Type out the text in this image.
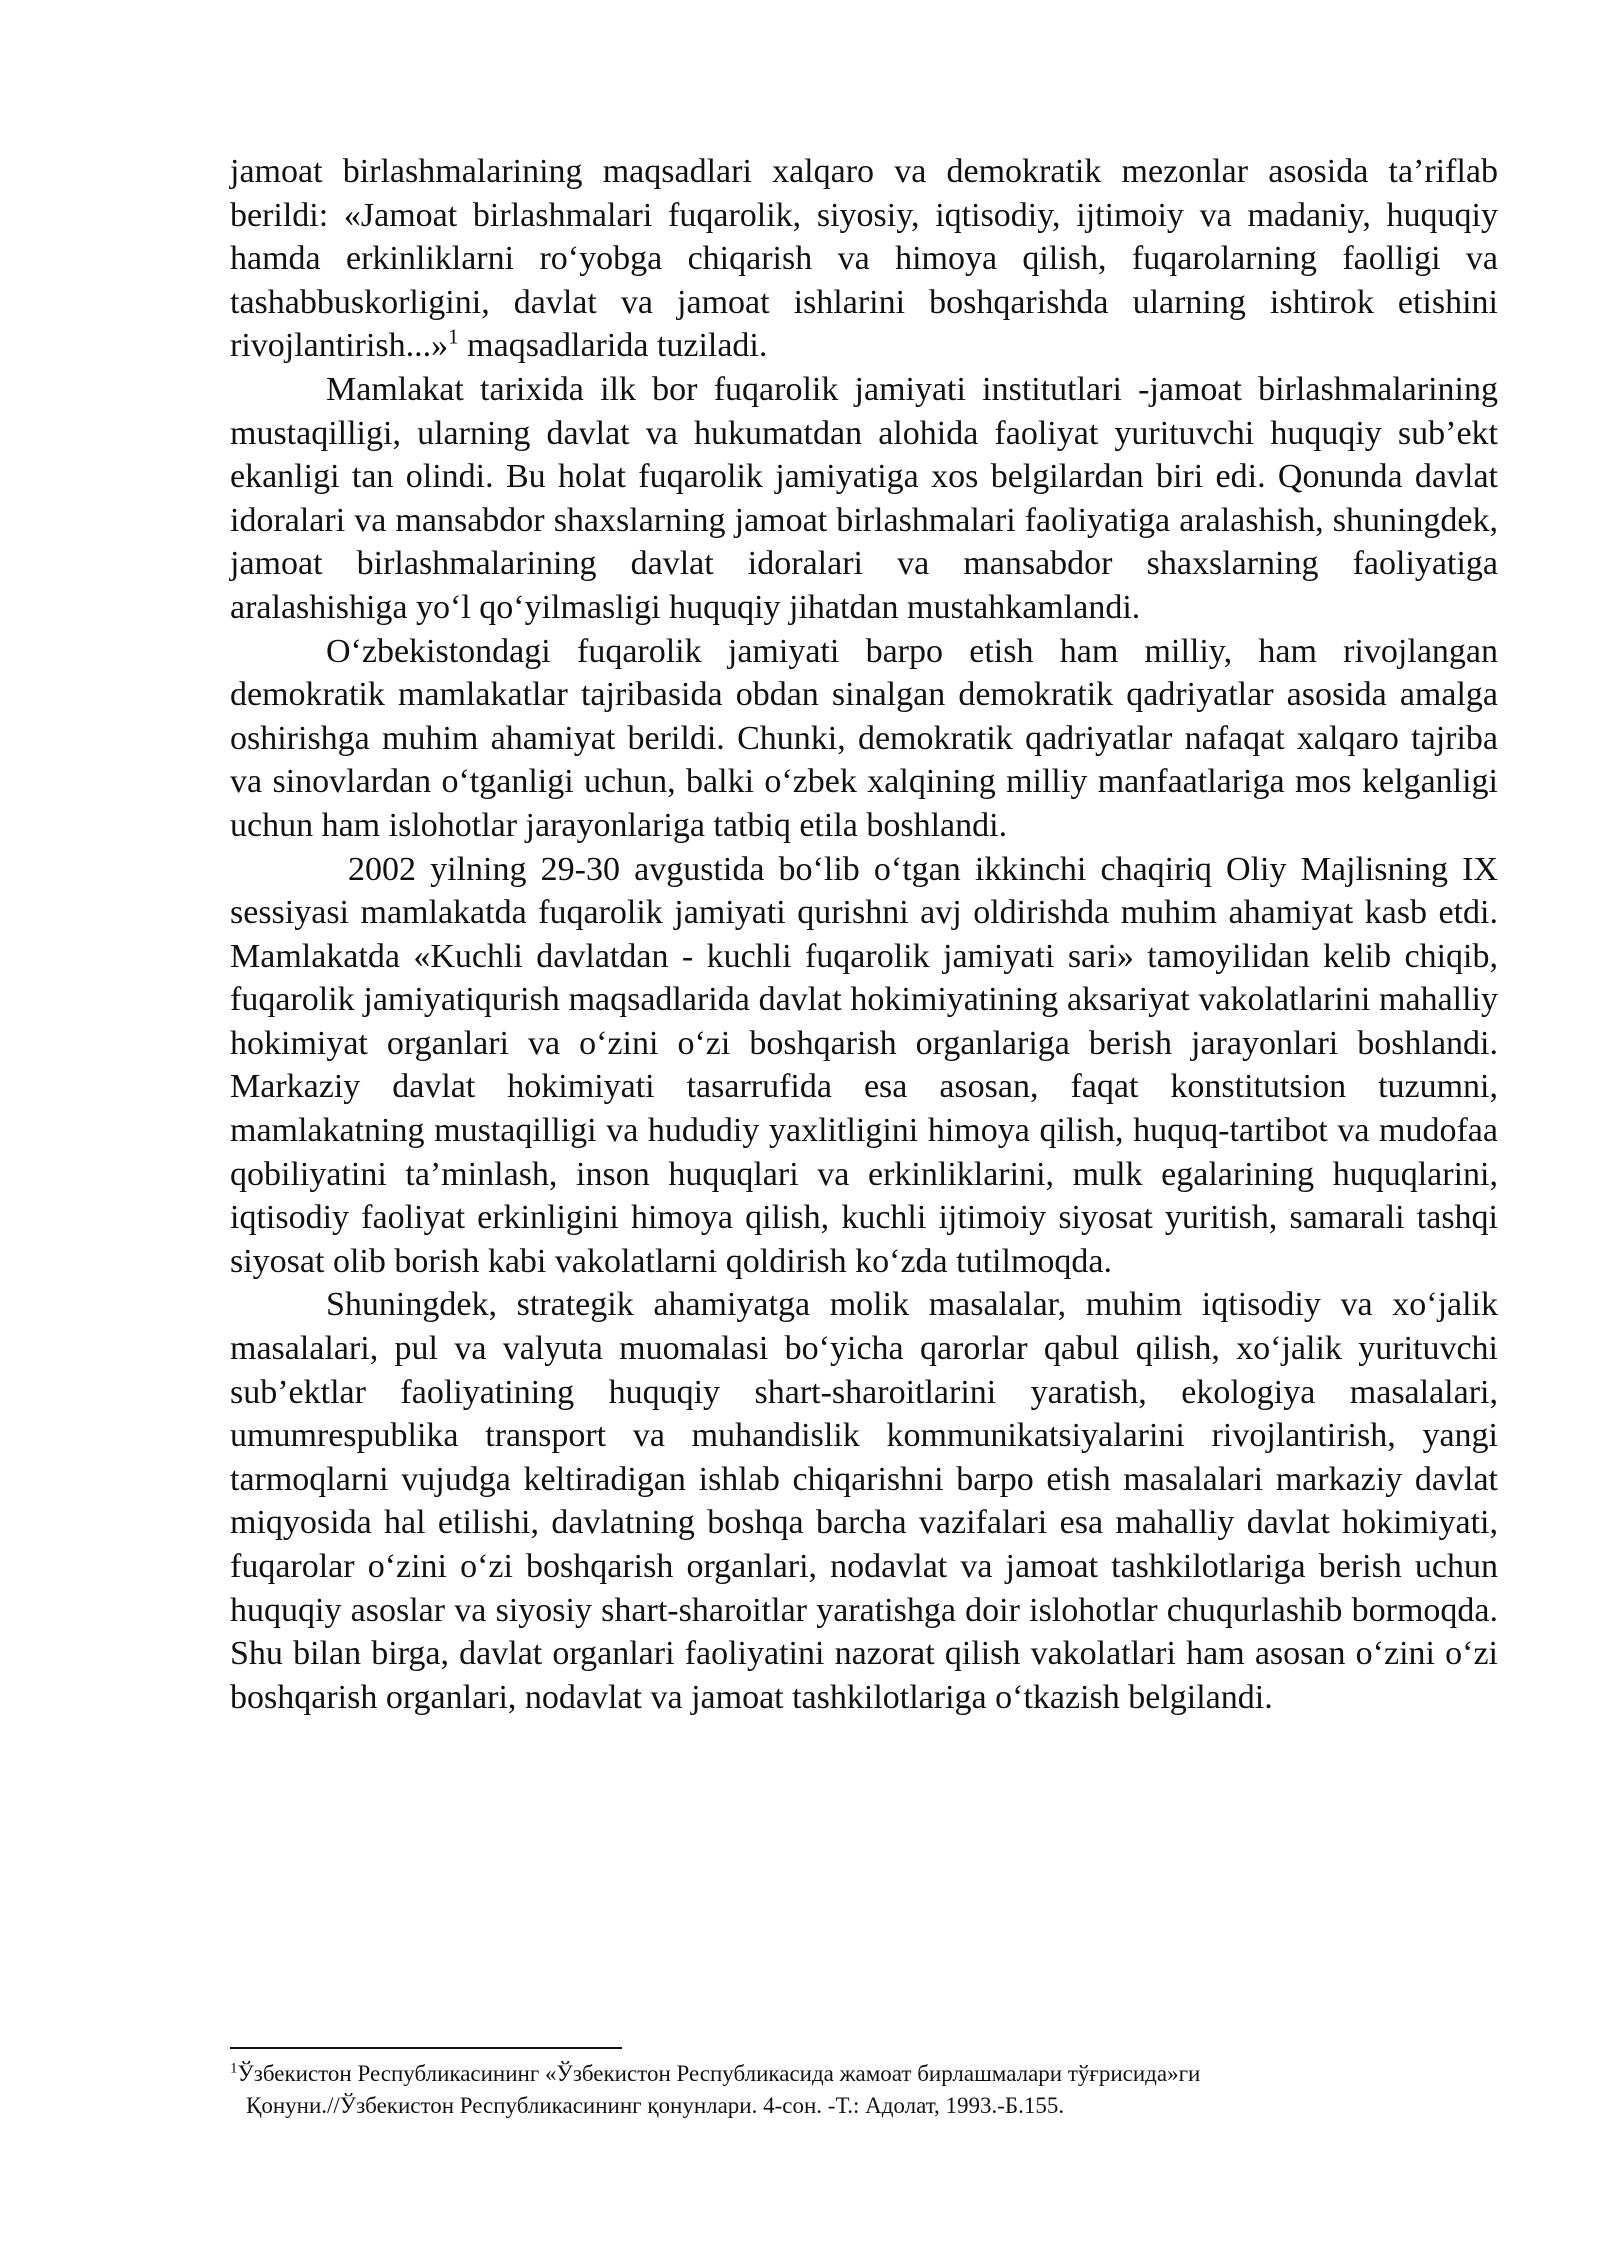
jamoat birlashmalarining maqsadlari xalqaro va demokratik mezonlar asosida ta’riflab berildi: «Jamoat birlashmalari fuqarolik, siyosiy, iqtisodiy, ijtimoiy va madaniy, huquqiy hamda erkinliklarni ro‘yobga chiqarish va himoya qilish, fuqarolarning faolligi va tashabbuskorligini, davlat va jamoat ishlarini boshqarishda ularning ishtirok etishini rivojlantirish...»$^1$ maqsadlarida tuziladi.

Mamlakat tarixida ilk bor fuqarolik jamiyati institutlari -jamoat birlashmalarining mustaqilligi, ularning davlat va hukumatdan alohida faoliyat yurituvchi huquqiy sub’ekt ekanligi tan olindi. Bu holat fuqarolik jamiyatiga xos belgilardan biri edi. Qonunda davlat idoralari va mansabdor shaxslarning jamoat birlashmalari faoliyatiga aralashish, shuningdek, jamoat birlashmalarining davlat idoralari va mansabdor shaxslarning faoliyatiga aralashishiga yo‘l qo‘yilmasligi huquqiy jihatdan mustahkamlandi.

O‘zbekistondagi fuqarolik jamiyati barpo etish ham milliy, ham rivojlangan demokratik mamlakatlar tajribasida obdan sinalgan demokratik qadriyatlar asosida amalga oshirishga muhim ahamiyat berildi. Chunki, demokratik qadriyatlar nafaqat xalqaro tajriba va sinovlardan o‘tganligi uchun, balki o‘zbek xalqining milliy manfaatlariga mos kelganligi uchun ham islohotlar jarayonlariga tatbiq etila boshlandi.

2002 yilning 29-30 avgustida bo‘lib o‘tgan ikkinchi chaqiriq Oliy Majlisning IX sessiyasi mamlakatda fuqarolik jamiyati qurishni avj oldirishda muhim ahamiyat kasb etdi. Mamlakatda «Kuchli davlatdan - kuchli fuqarolik jamiyati sari» tamoyilidan kelib chiqib, fuqarolik jamiyatiqurish maqsadlarida davlat hokimiyatining aksariyat vakolatlarini mahalliy hokimiyat organlari va o‘zini o‘zi boshqarish organlariga berish jarayonlari boshlandi. Markaziy davlat hokimiyati tasarrufida esa asosan, faqat konstitutsion tuzumni, mamlakatning mustaqilligi va hududiy yaxlitligini himoya qilish, huquq-tartibot va mudofaa qobiliyatini ta’minlash, inson huquqlari va erkinliklarini, mulk egalarining huquqlarini, iqtisodiy faoliyat erkinligini himoya qilish, kuchli ijtimoiy siyosat yuritish, samarali tashqi siyosat olib borish kabi vakolatlarni qoldirish ko‘zda tutilmoqda.

Shuningdek, strategik ahamiyatga molik masalalar, muhim iqtisodiy va xo‘jalik masalalari, pul va valyuta muomalasi bo‘yicha qarorlar qabul qilish, xo‘jalik yurituvchi sub’ektlar faoliyatining huquqiy shart-sharoitlarini yaratish, ekologiya masalalari, umumrespublika transport va muhandislik kommunikatsiyalarini rivojlantirish, yangi tarmoqlarni vujudga keltiradigan ishlab chiqarishni barpo etish masalalari markaziy davlat miqyosida hal etilishi, davlatning boshqa barcha vazifalari esa mahalliy davlat hokimiyati, fuqarolar o‘zini o‘zi boshqarish organlari, nodavlat va jamoat tashkilotlariga berish uchun huquqiy asoslar va siyosiy shart-sharoitlar yaratishga doir islohotlar chuqurlashib bormoqda. Shu bilan birga, davlat organlari faoliyatini nazorat qilish vakolatlari ham asosan o‘zini o‘zi boshqarish organlari, nodavlat va jamoat tashkilotlariga o‘tkazish belgilandi.

$^1$Ўзбекистон Республикасининг «Ўзбекистон Республикасида жамоат бирлашмалари тўғрисида»ги
Қонуни.//Ўзбекистон Республикасининг қонунлари. 4-сон. -Т.: Адолат, 1993.-Б.155.
